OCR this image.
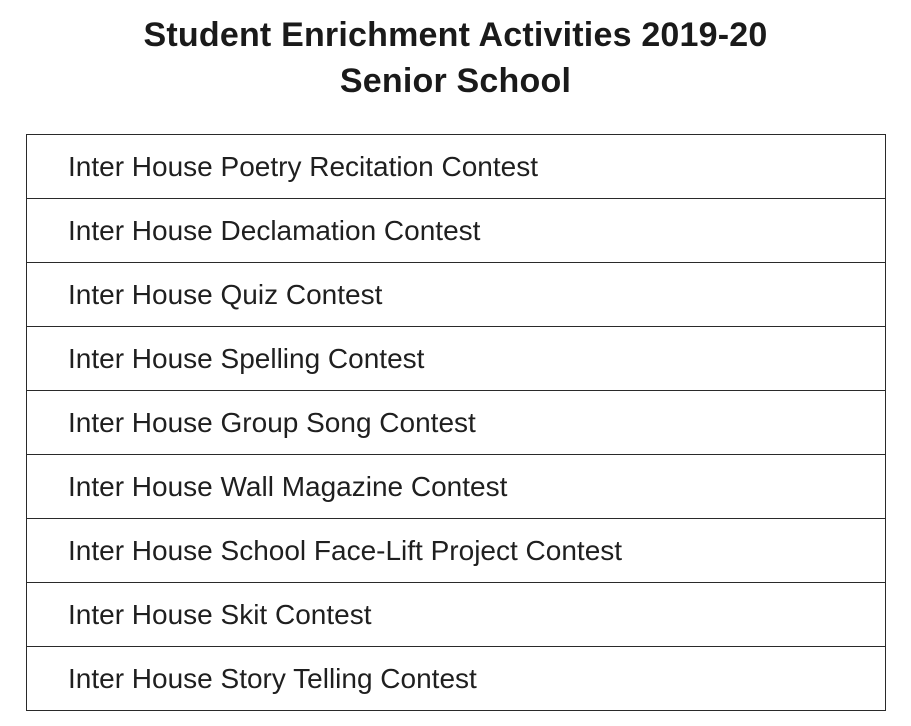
Student Enrichment Activities 2019-20
Senior School
Inter House Poetry Recitation Contest
Inter House Declamation Contest
Inter House Quiz Contest
Inter House Spelling Contest
Inter House Group Song Contest
Inter House Wall Magazine Contest
Inter House School Face-Lift Project Contest
Inter House Skit Contest
Inter House Story Telling Contest
